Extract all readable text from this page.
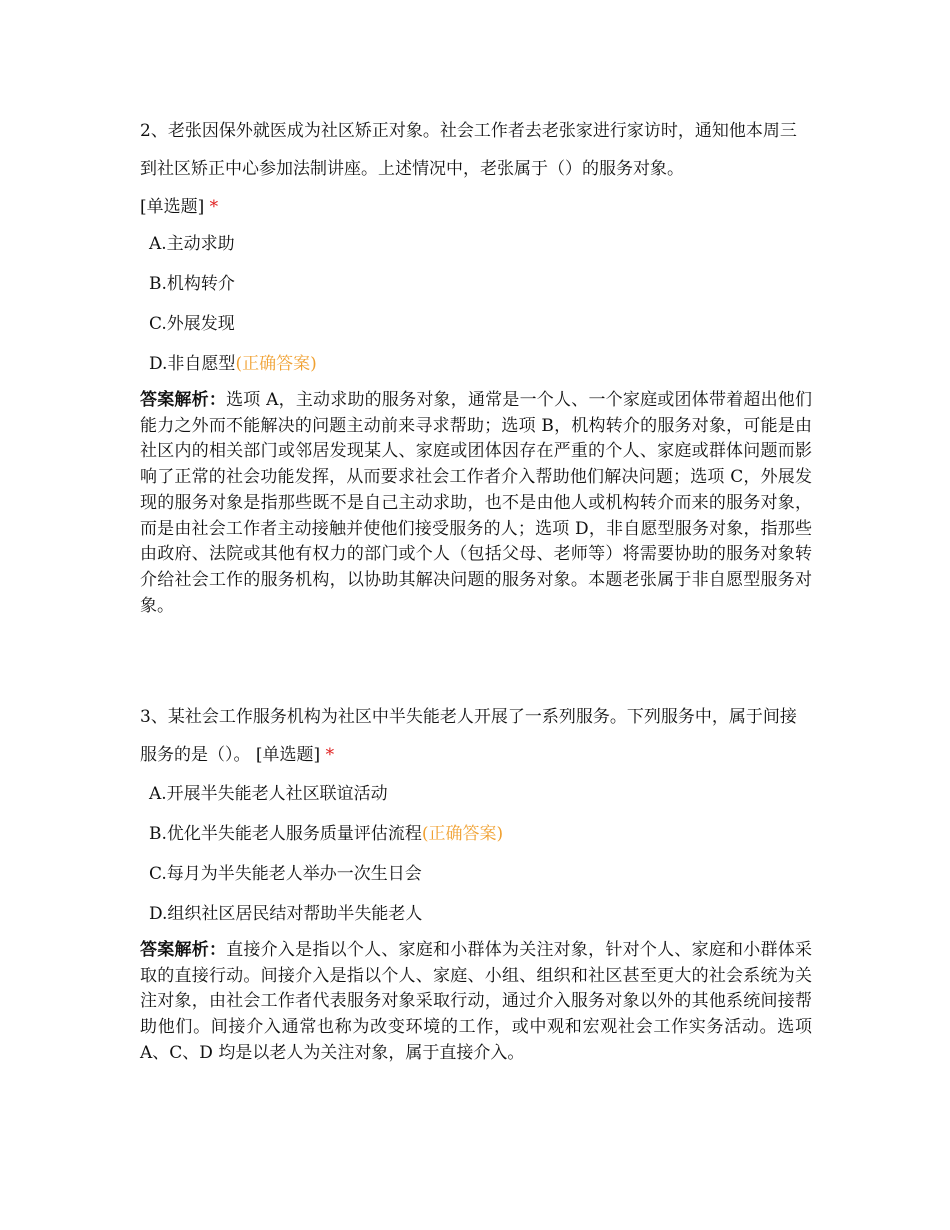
2、老张因保外就医成为社区矫正对象。社会工作者去老张家进行家访时，通知他本周三到社区矫正中心参加法制讲座。上述情况中，老张属于（）的服务对象。
[单选题] *

A.主动求助
B.机构转介
C.外展发现
D.非自愿型(正确答案)

答案解析：选项 A，主动求助的服务对象，通常是一个人、一个家庭或团体带着超出他们能力之外而不能解决的问题主动前来寻求帮助；选项 B，机构转介的服务对象，可能是由社区内的相关部门或邻居发现某人、家庭或团体因存在严重的个人、家庭或群体问题而影响了正常的社会功能发挥，从而要求社会工作者介入帮助他们解决问题；选项 C，外展发现的服务对象是指那些既不是自己主动求助，也不是由他人或机构转介而来的服务对象，而是由社会工作者主动接触并使他们接受服务的人；选项 D，非自愿型服务对象，指那些由政府、法院或其他有权力的部门或个人（包括父母、老师等）将需要协助的服务对象转介给社会工作的服务机构，以协助其解决问题的服务对象。本题老张属于非自愿型服务对象。

3、某社会工作服务机构为社区中半失能老人开展了一系列服务。下列服务中，属于间接服务的是（）。 [单选题] *

A.开展半失能老人社区联谊活动
B.优化半失能老人服务质量评估流程(正确答案)
C.每月为半失能老人举办一次生日会
D.组织社区居民结对帮助半失能老人

答案解析：直接介入是指以个人、家庭和小群体为关注对象，针对个人、家庭和小群体采取的直接行动。间接介入是指以个人、家庭、小组、组织和社区甚至更大的社会系统为关注对象，由社会工作者代表服务对象采取行动，通过介入服务对象以外的其他系统间接帮助他们。间接介入通常也称为改变环境的工作，或中观和宏观社会工作实务活动。选项 A、C、D 均是以老人为关注对象，属于直接介入。
